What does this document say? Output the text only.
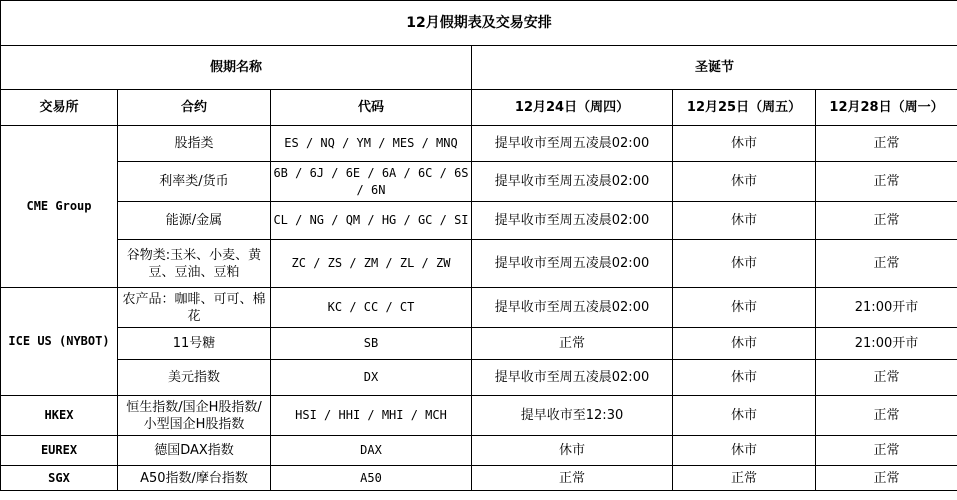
12月假期表及交易安排					
假期名称			圣诞节		
交易所	合约	代码	12月24日（周四）	12月25日（周五）	12月28日（周一）
CME Group	股指类	ES / NQ / YM / MES / MNQ	提早收市至周五凌晨02:00	休市	正常
	利率类/货币	6B / 6J / 6E / 6A / 6C / 6S / 6N	提早收市至周五凌晨02:00	休市	正常
	能源/金属	CL / NG / QM / HG / GC / SI	提早收市至周五凌晨02:00	休市	正常
	谷物类:玉米、小麦、黄豆、豆油、豆粕	ZC / ZS / ZM / ZL / ZW	提早收市至周五凌晨02:00	休市	正常
ICE US (NYBOT)	农产品：咖啡、可可、棉花	KC / CC / CT	提早收市至周五凌晨02:00	休市	21:00开市
	11号糖	SB	正常	休市	21:00开市
	美元指数	DX	提早收市至周五凌晨02:00	休市	正常
HKEX	恒生指数/国企H股指数/小型国企H股指数	HSI / HHI / MHI / MCH	提早收市至12:30	休市	正常
EUREX	德国DAX指数	DAX	休市	休市	正常
SGX	A50指数/摩台指数	A50	正常	正常	正常
